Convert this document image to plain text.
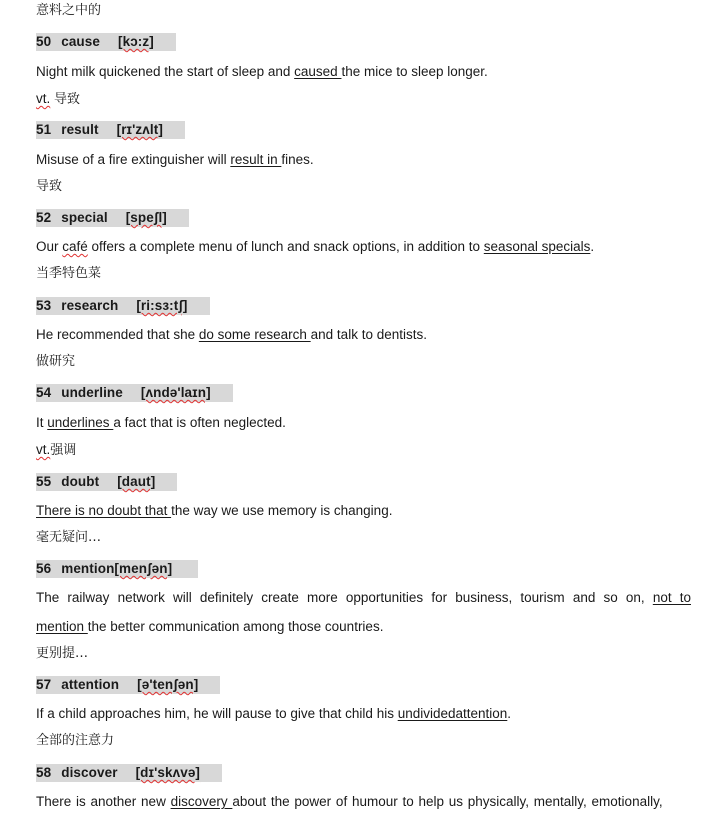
意料之中的
50 cause [kɔ:z]
Night milk quickened the start of sleep and caused the mice to sleep longer.
vt. 导致
51 result [rɪ'zʌlt]
Misuse of a fire extinguisher will result in fines.
导致
52 special [speʃl]
Our café offers a complete menu of lunch and snack options, in addition to seasonal specials.
当季特色菜
53 research [ri:sɜ:tʃ]
He recommended that she do some research and talk to dentists.
做研究
54 underline [ʌndə'laɪn]
It underlines a fact that is often neglected.
vt.强调
55 doubt [daut]
There is no doubt that the way we use memory is changing.
毫无疑问…
56 mention[menʃən]
The railway network will definitely create more opportunities for business, tourism and so on, not to
mention the better communication among those countries.
更别提…
57 attention [ə'tenʃən]
If a child approaches him, he will pause to give that child his undividedattention.
全部的注意力
58 discover [dɪ'skʌvə]
There is another new discovery about the power of humour to help us physically, mentally, emotionally,
